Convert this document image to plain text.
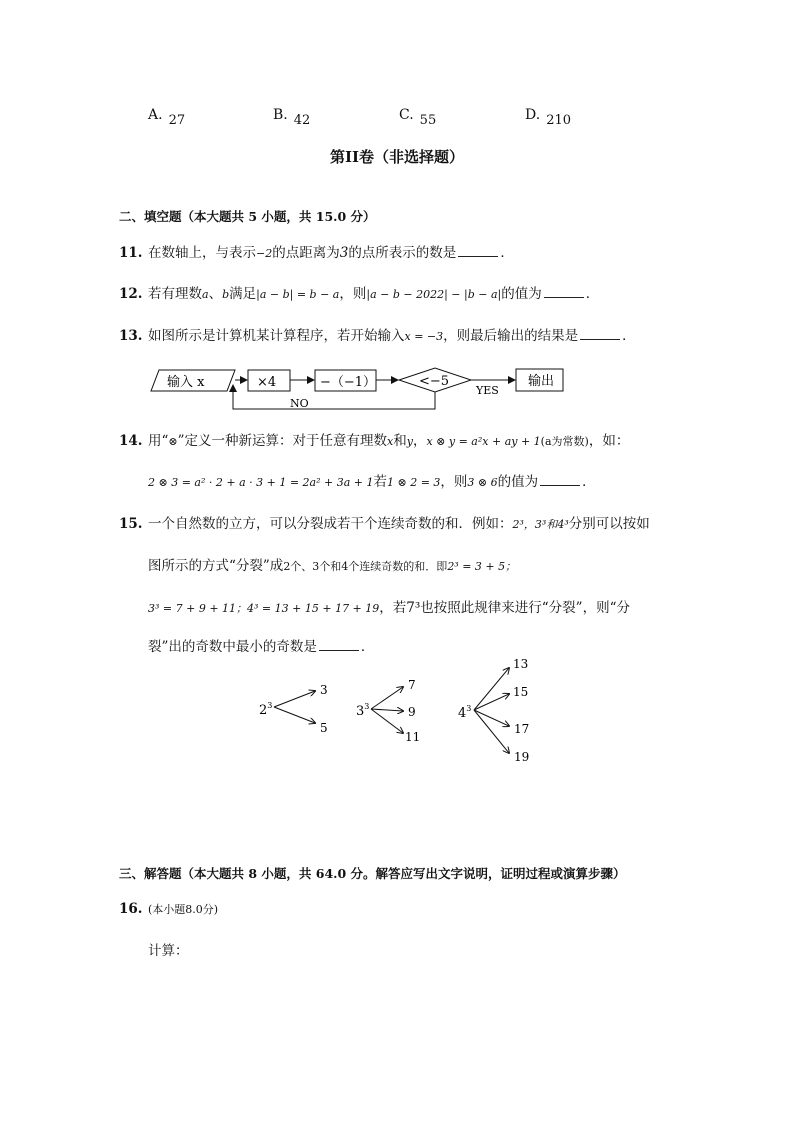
A. 27	B. 42	C. 55	D. 210
第II卷（非选择题）
二、填空题（本大题共 5 小题，共 15.0 分）
11. 在数轴上，与表示−2的点距离为3的点所表示的数是	．
12. 若有理数a、b满足|a − b| = b − a，则|a − b − 2022| − |b − a|的值为	．
13. 如图所示是计算机某计算程序，若开始输入x = −3，则最后输出的结果是	．
输入 x	×4	−（−1）	<−5
YES
输出
NO
14. 用“⊗”定义一种新运算：对于任意有理数x和y，x ⊗ y = a²x + ay + 1(a为常数)，如：
2 ⊗ 3 = a² · 2 + a · 3 + 1 = 2a² + 3a + 1若1 ⊗ 2 = 3，则3 ⊗ 6的值为	．
15. 一个自然数的立方，可以分裂成若干个连续奇数的和．例如：2³，3³和4³分别可以按如
图所示的方式“分裂”成2个、3个和4个连续奇数的和．即2³ = 3 + 5；
3³ = 7 + 9 + 11；4³ = 13 + 15 + 17 + 19，若7³也按照此规律来进行“分裂”，则“分
裂”出的奇数中最小的奇数是	．
$2^3$
3
5
$3^3$
7
9
11
$4^3$
13
15
17
19
三、解答题（本大题共 8 小题，共 64.0 分。解答应写出文字说明，证明过程或演算步骤）
16. (本小题8.0分)
计算：
